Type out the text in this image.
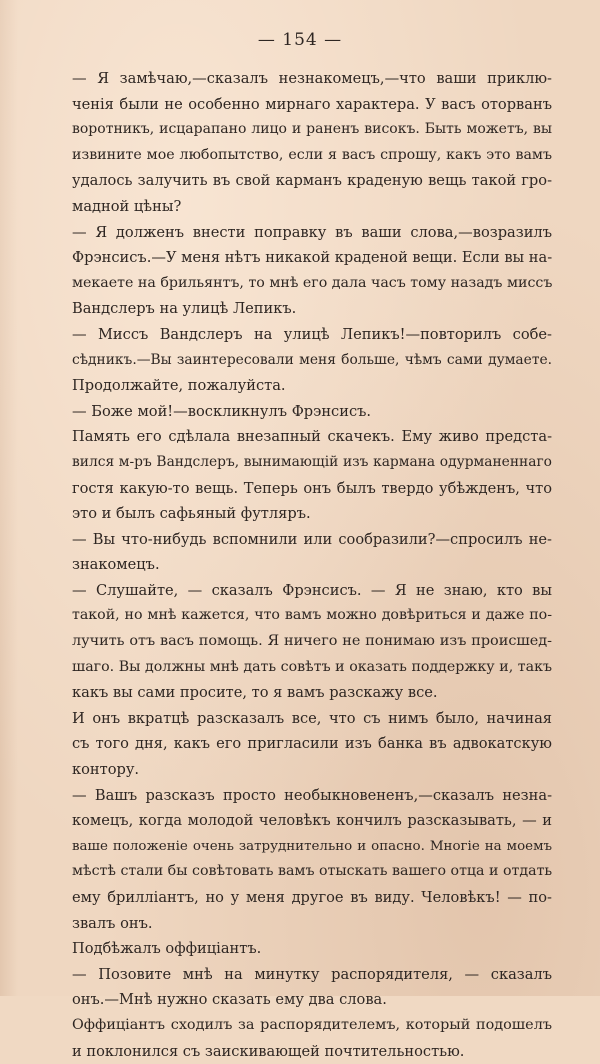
— 154 —
— Я замѣчаю,—сказалъ незнакомецъ,—что ваши приклю-
ченія были не особенно мирнаго характера. У васъ оторванъ
воротникъ, исцарапано лицо и раненъ високъ. Быть можетъ, вы
извините мое любопытство, если я васъ спрошу, какъ это вамъ
удалось залучить въ свой карманъ краденую вещь такой гро-
мадной цѣны?
— Я долженъ внести поправку въ ваши слова,—возразилъ
Фрэнсисъ.—У меня нѣтъ никакой краденой вещи. Если вы на-
мекаете на брильянтъ, то мнѣ его дала часъ тому назадъ миссъ
Вандслеръ на улицѣ Лепикъ.
— Миссъ Вандслеръ на улицѣ Лепикъ!—повторилъ собе-
сѣдникъ.—Вы заинтересовали меня больше, чѣмъ сами думаете.
Продолжайте, пожалуйста.
— Боже мой!—воскликнулъ Фрэнсисъ.
Память его сдѣлала внезапный скачекъ. Ему живо предста-
вился м-ръ Вандслеръ, вынимающій изъ кармана одурманеннаго
гостя какую-то вещь. Теперь онъ былъ твердо убѣжденъ, что
это и былъ сафьяный футляръ.
— Вы что-нибудь вспомнили или сообразили?—спросилъ не-
знакомецъ.
— Слушайте, — сказалъ Фрэнсисъ. — Я не знаю, кто вы
такой, но мнѣ кажется, что вамъ можно довѣриться и даже по-
лучить отъ васъ помощь. Я ничего не понимаю изъ происшед-
шаго. Вы должны мнѣ дать совѣтъ и оказать поддержку и, такъ
какъ вы сами просите, то я вамъ разскажу все.
И онъ вкратцѣ разсказалъ все, что съ нимъ было, начиная
съ того дня, какъ его пригласили изъ банка въ адвокатскую
контору.
— Вашъ разсказъ просто необыкновененъ,—сказалъ незна-
комецъ, когда молодой человѣкъ кончилъ разсказывать, — и
ваше положеніе очень затруднительно и опасно. Многіе на моемъ
мѣстѣ стали бы совѣтовать вамъ отыскать вашего отца и отдать
ему брилліантъ, но у меня другое въ виду. Человѣкъ! — по-
звалъ онъ.
Подбѣжалъ оффиціантъ.
— Позовите мнѣ на минутку распорядителя, — сказалъ
онъ.—Мнѣ нужно сказать ему два слова.
Оффиціантъ сходилъ за распорядителемъ, который подошелъ
и поклонился съ заискивающей почтительностью.
